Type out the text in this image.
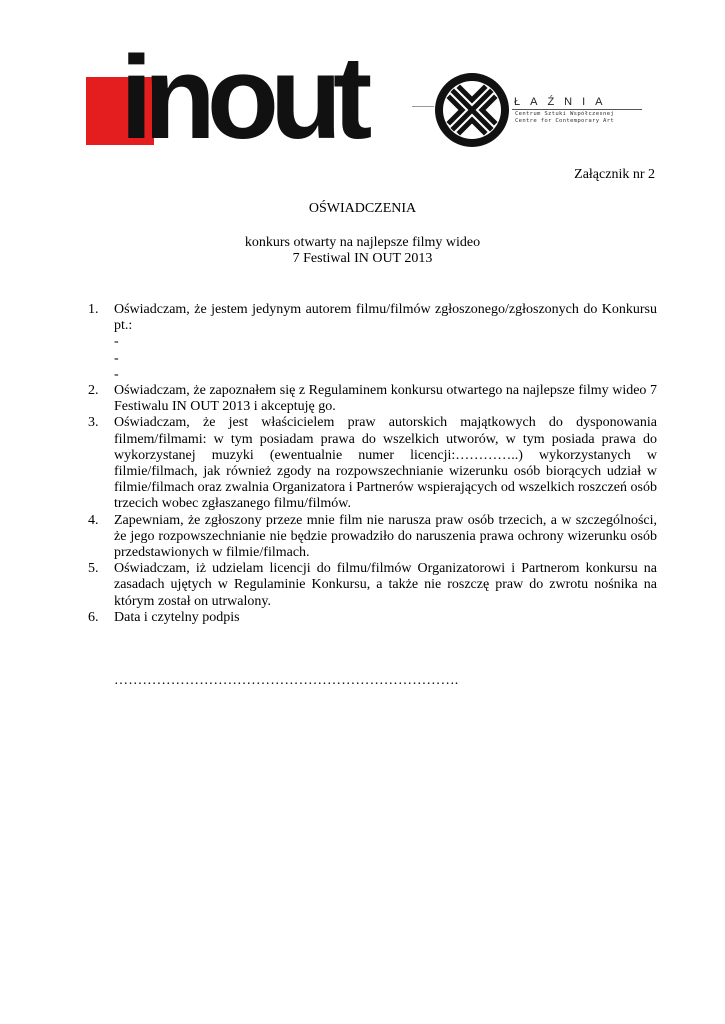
inout	ŁAŹNIA
Centrum Sztuki Współczesnej
Centre for Contemporary Art
Załącznik nr 2
OŚWIADCZENIA
konkurs otwarty na najlepsze filmy wideo
7 Festiwal IN OUT 2013
1. Oświadczam, że jestem jedynym autorem filmu/filmów zgłoszonego/zgłoszonych do Konkursu pt.:
-
-
-
2. Oświadczam, że zapoznałem się z Regulaminem konkursu otwartego na najlepsze filmy wideo 7 Festiwalu IN OUT 2013 i akceptuję go.
3. Oświadczam, że jest właścicielem praw autorskich majątkowych do dysponowania filmem/filmami: w tym posiadam prawa do wszelkich utworów, w tym posiada prawa do wykorzystanej muzyki (ewentualnie numer licencji:…………..) wykorzystanych w filmie/filmach, jak również zgody na rozpowszechnianie wizerunku osób biorących udział w filmie/filmach oraz zwalnia Organizatora i Partnerów wspierających od wszelkich roszczeń osób trzecich wobec zgłaszanego filmu/filmów.
4. Zapewniam, że zgłoszony przeze mnie film nie narusza praw osób trzecich, a w szczególności, że jego rozpowszechnianie nie będzie prowadziło do naruszenia prawa ochrony wizerunku osób przedstawionych w filmie/filmach.
5. Oświadczam, iż udzielam licencji do filmu/filmów Organizatorowi i Partnerom konkursu na zasadach ujętych w Regulaminie Konkursu, a także nie roszczę praw do zwrotu nośnika na którym został on utrwalony.
6. Data i czytelny podpis
……………………………………………………………….
